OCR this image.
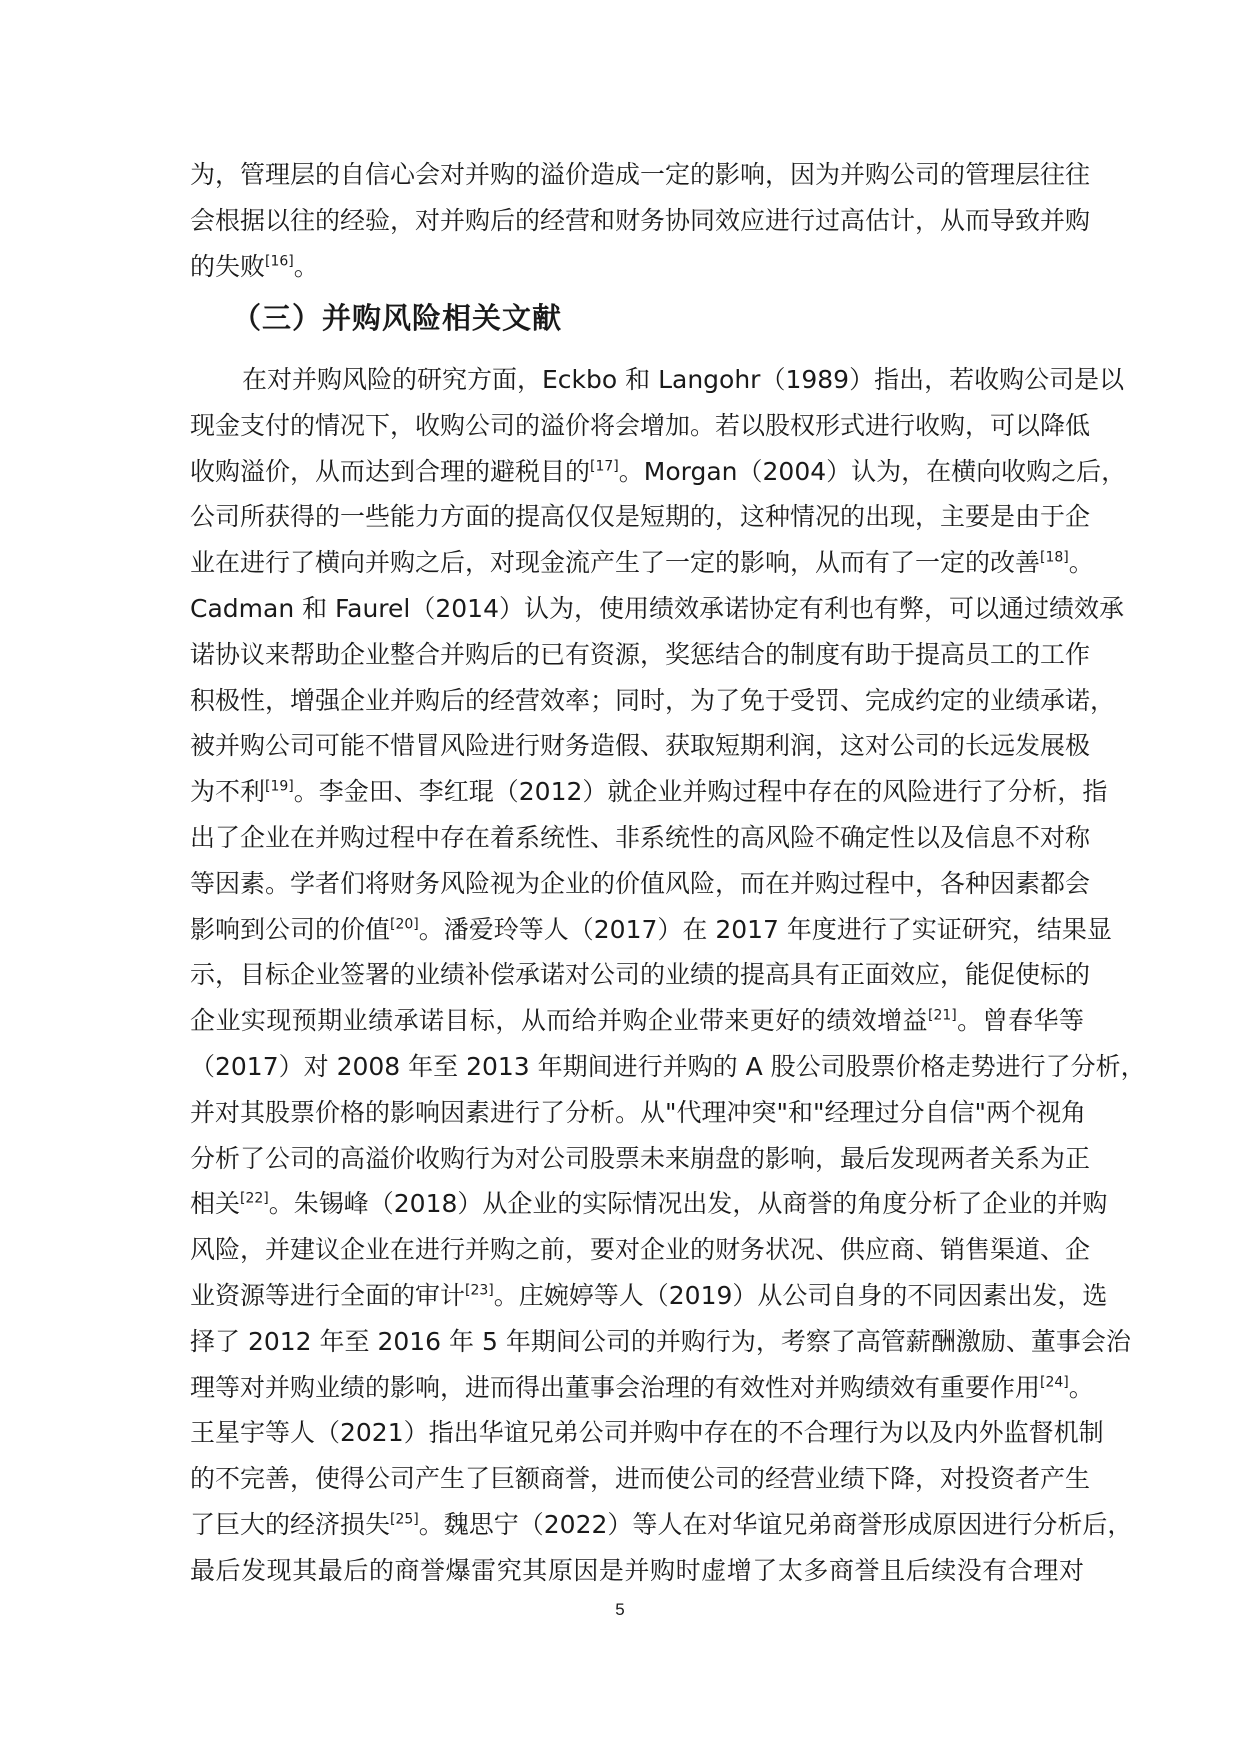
为，管理层的自信心会对并购的溢价造成一定的影响，因为并购公司的管理层往往
会根据以往的经验，对并购后的经营和财务协同效应进行过高估计，从而导致并购
的失败[16]。
（三）并购风险相关文献
在对并购风险的研究方面，Eckbo 和 Langohr（1989）指出，若收购公司是以
现金支付的情况下，收购公司的溢价将会增加。若以股权形式进行收购，可以降低
收购溢价，从而达到合理的避税目的[17]。Morgan（2004）认为，在横向收购之后，
公司所获得的一些能力方面的提高仅仅是短期的，这种情况的出现，主要是由于企
业在进行了横向并购之后，对现金流产生了一定的影响，从而有了一定的改善[18]。
Cadman 和 Faurel（2014）认为，使用绩效承诺协定有利也有弊，可以通过绩效承
诺协议来帮助企业整合并购后的已有资源，奖惩结合的制度有助于提高员工的工作
积极性，增强企业并购后的经营效率；同时，为了免于受罚、完成约定的业绩承诺，
被并购公司可能不惜冒风险进行财务造假、获取短期利润，这对公司的长远发展极
为不利[19]。李金田、李红琨（2012）就企业并购过程中存在的风险进行了分析，指
出了企业在并购过程中存在着系统性、非系统性的高风险不确定性以及信息不对称
等因素。学者们将财务风险视为企业的价值风险，而在并购过程中，各种因素都会
影响到公司的价值[20]。潘爱玲等人（2017）在 2017 年度进行了实证研究，结果显
示，目标企业签署的业绩补偿承诺对公司的业绩的提高具有正面效应，能促使标的
企业实现预期业绩承诺目标，从而给并购企业带来更好的绩效增益[21]。曾春华等
（2017）对 2008 年至 2013 年期间进行并购的 A 股公司股票价格走势进行了分析，
并对其股票价格的影响因素进行了分析。从"代理冲突"和"经理过分自信"两个视角
分析了公司的高溢价收购行为对公司股票未来崩盘的影响，最后发现两者关系为正
相关[22]。朱锡峰（2018）从企业的实际情况出发，从商誉的角度分析了企业的并购
风险，并建议企业在进行并购之前，要对企业的财务状况、供应商、销售渠道、企
业资源等进行全面的审计[23]。庄婉婷等人（2019）从公司自身的不同因素出发，选
择了 2012 年至 2016 年 5 年期间公司的并购行为，考察了高管薪酬激励、董事会治
理等对并购业绩的影响，进而得出董事会治理的有效性对并购绩效有重要作用[24]。
王星宇等人（2021）指出华谊兄弟公司并购中存在的不合理行为以及内外监督机制
的不完善，使得公司产生了巨额商誉，进而使公司的经营业绩下降，对投资者产生
了巨大的经济损失[25]。魏思宁（2022）等人在对华谊兄弟商誉形成原因进行分析后，
最后发现其最后的商誉爆雷究其原因是并购时虚增了太多商誉且后续没有合理对
5
